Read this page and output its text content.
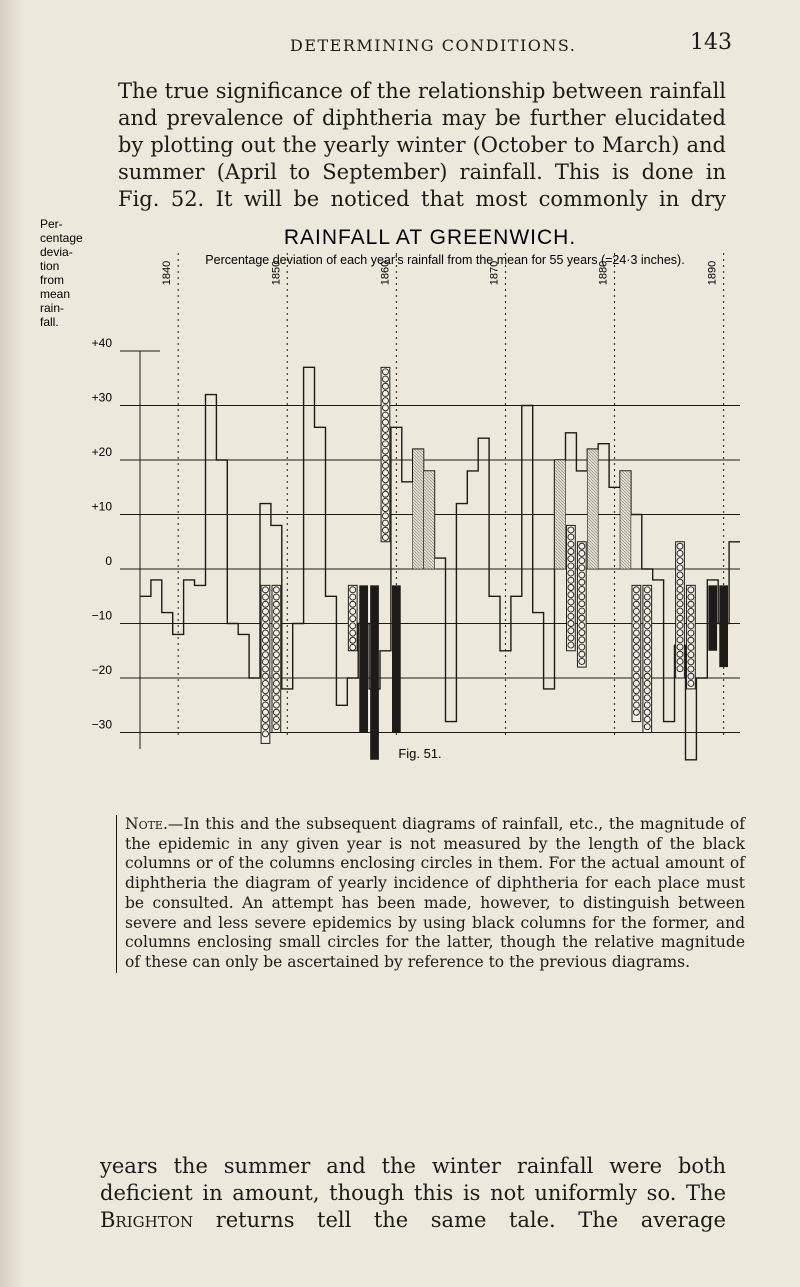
DETERMINING CONDITIONS.	143

The true significance of the relationship between rainfall and prevalence of diphtheria may be further elucidated by plotting out the yearly winter (October to March) and summer (April to September) rainfall. This is done in Fig. 52. It will be noticed that most commonly in dry

Per-
centage
devia-
tion
from
mean
rain-
fall.
RAINFALL AT GREENWICH.
Percentage deviation of each year's rainfall from the mean for 55 years (=24·3 inches).
+40
+30
+20
+10
0
−10
−20
−30
1840	1850	1860	1870	1880	1890
Fig. 51.

Note.—In this and the subsequent diagrams of rainfall, etc., the magnitude of the epidemic in any given year is not measured by the length of the black columns or of the columns enclosing circles in them. For the actual amount of diphtheria the diagram of yearly incidence of diphtheria for each place must be consulted. An attempt has been made, however, to distinguish between severe and less severe epidemics by using black columns for the former, and columns enclosing small circles for the latter, though the relative magnitude of these can only be ascertained by reference to the previous diagrams.

years the summer and the winter rainfall were both deficient in amount, though this is not uniformly so. The Brighton returns tell the same tale. The average
